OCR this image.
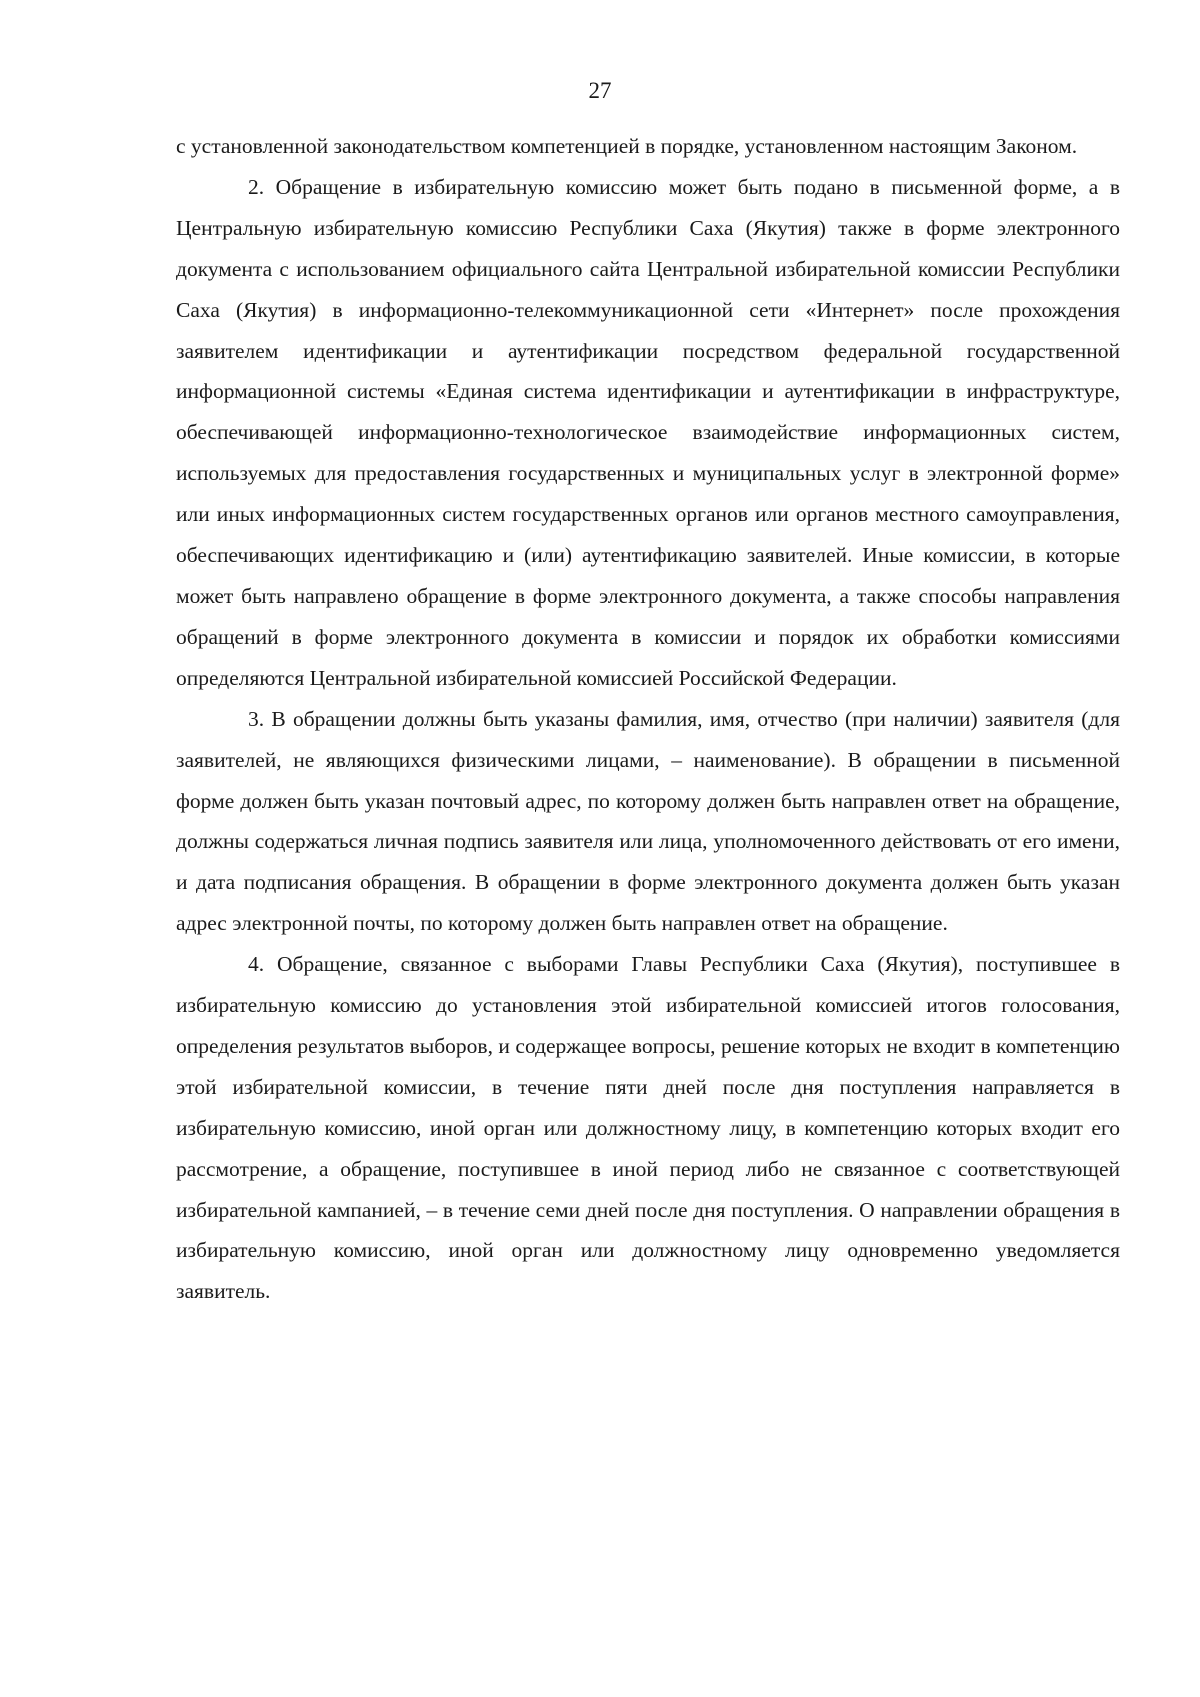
27

с установленной законодательством компетенцией в порядке, установленном настоящим Законом.

2. Обращение в избирательную комиссию может быть подано в письменной форме, а в Центральную избирательную комиссию Республики Саха (Якутия) также в форме электронного документа с использованием официального сайта Центральной избирательной комиссии Республики Саха (Якутия) в информационно-телекоммуникационной сети «Интернет» после прохождения заявителем идентификации и аутентификации посредством федеральной государственной информационной системы «Единая система идентификации и аутентификации в инфраструктуре, обеспечивающей информационно-технологическое взаимодействие информационных систем, используемых для предоставления государственных и муниципальных услуг в электронной форме» или иных информационных систем государственных органов или органов местного самоуправления, обеспечивающих идентификацию и (или) аутентификацию заявителей. Иные комиссии, в которые может быть направлено обращение в форме электронного документа, а также способы направления обращений в форме электронного документа в комиссии и порядок их обработки комиссиями определяются Центральной избирательной комиссией Российской Федерации.

3. В обращении должны быть указаны фамилия, имя, отчество (при наличии) заявителя (для заявителей, не являющихся физическими лицами, – наименование). В обращении в письменной форме должен быть указан почтовый адрес, по которому должен быть направлен ответ на обращение, должны содержаться личная подпись заявителя или лица, уполномоченного действовать от его имени, и дата подписания обращения. В обращении в форме электронного документа должен быть указан адрес электронной почты, по которому должен быть направлен ответ на обращение.

4. Обращение, связанное с выборами Главы Республики Саха (Якутия), поступившее в избирательную комиссию до установления этой избирательной комиссией итогов голосования, определения результатов выборов, и содержащее вопросы, решение которых не входит в компетенцию этой избирательной комиссии, в течение пяти дней после дня поступления направляется в избирательную комиссию, иной орган или должностному лицу, в компетенцию которых входит его рассмотрение, а обращение, поступившее в иной период либо не связанное с соответствующей избирательной кампанией, – в течение семи дней после дня поступления. О направлении обращения в избирательную комиссию, иной орган или должностному лицу одновременно уведомляется заявитель.
